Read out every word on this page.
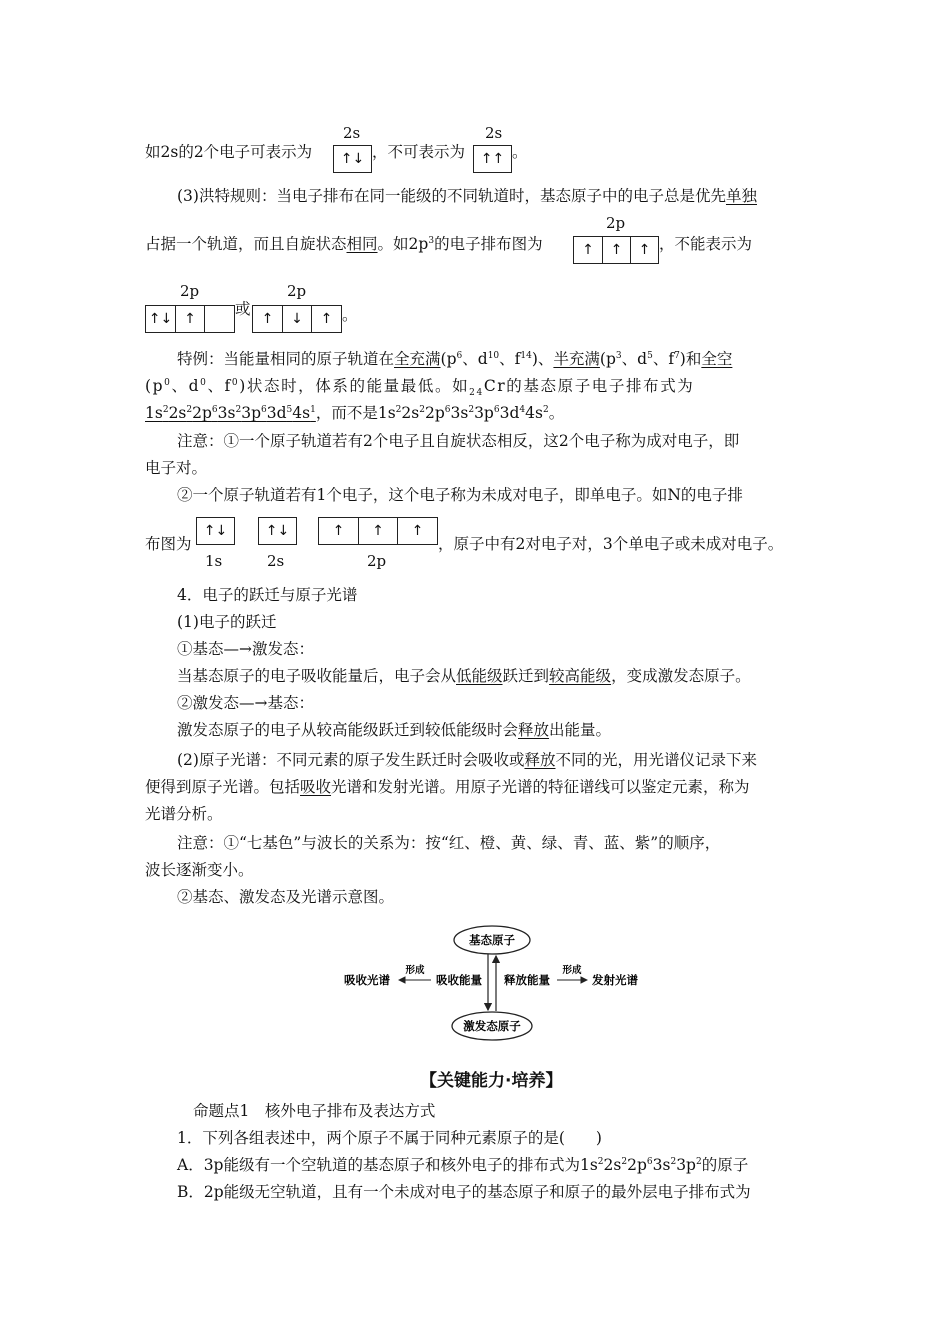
2s	2s
如2s的2个电子可表示为	↑↓ ，不可表示为	↑↑ 。
(3)洪特规则：当电子排布在同一能级的不同轨道时，基态原子中的电子总是优先单独
2p
占据一个轨道，而且自旋状态相同。如$2p^3$的电子排布图为	↑	↑	↑ ，不能表示为
2p	2p
↑↓ ↑
或
↑	↓	↑ 。
特例：当能量相同的原子轨道在全充满($p^6$、$d^{10}$、$f^{14}$)、半充满($p^3$、$d^5$、$f^7$)和全空
($p^0$、$d^0$、$f^0$)状态时，体系的能量最低。如$_{24}$Cr的基态原子电子排布式为
$1s^22s^22p^63s^23p^63d^54s^1$，而不是$1s^22s^22p^63s^23p^63d^44s^2$。
注意：①一个原子轨道若有2个电子且自旋状态相反，这2个电子称为成对电子，即
电子对。
②一个原子轨道若有1个电子，这个电子称为未成对电子，即单电子。如N的电子排
布图为
↑↓	↑↓	↑	↑	↑
，原子中有2对电子对，3个单电子或未成对电子。
1s	2s	2p
4．电子的跃迁与原子光谱
(1)电子的跃迁
①基态—→激发态：
当基态原子的电子吸收能量后，电子会从低能级跃迁到较高能级，变成激发态原子。
②激发态—→基态：
激发态原子的电子从较高能级跃迁到较低能级时会释放出能量。
(2)原子光谱：不同元素的原子发生跃迁时会吸收或释放不同的光，用光谱仪记录下来
便得到原子光谱。包括吸收光谱和发射光谱。用原子光谱的特征谱线可以鉴定元素，称为
光谱分析。
注意：①“七基色”与波长的关系为：按“红、橙、黄、绿、青、蓝、紫”的顺序，
波长逐渐变小。
②基态、激发态及光谱示意图。
基态原子
激发态原子
吸收能量 释放能量
形成
吸收光谱
形成
发射光谱
【关键能力·培养】
命题点1　核外电子排布及表达方式
1．下列各组表述中，两个原子不属于同种元素原子的是(　　)
A．3p能级有一个空轨道的基态原子和核外电子的排布式为$1s^22s^22p^63s^23p^2$的原子
B．2p能级无空轨道，且有一个未成对电子的基态原子和原子的最外层电子排布式为
